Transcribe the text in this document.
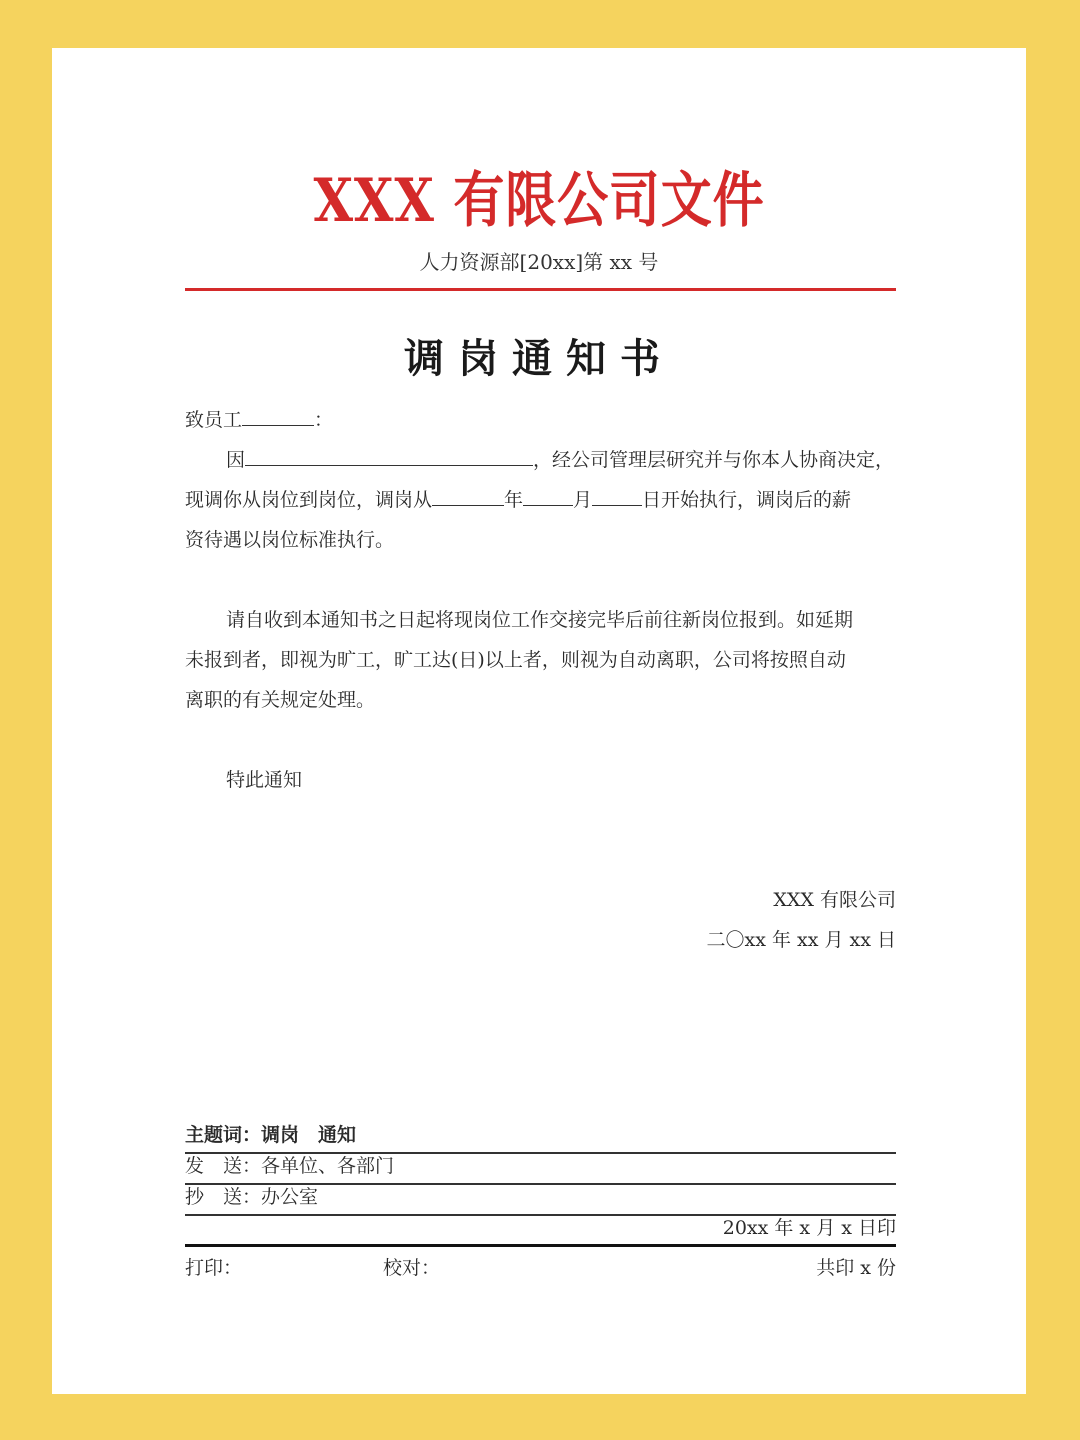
XXX 有限公司文件
人力资源部[20xx]第 xx 号
调岗通知书
致员工	：
因	，经公司管理层研究并与你本人协商决定，
现调你从岗位到岗位，调岗从	年	月	日开始执行，调岗后的薪
资待遇以岗位标准执行。
请自收到本通知书之日起将现岗位工作交接完毕后前往新岗位报到。如延期
未报到者，即视为旷工，旷工达(日)以上者，则视为自动离职，公司将按照自动
离职的有关规定处理。
特此通知
XXX 有限公司
二〇xx 年 xx 月 xx 日
主题词：调岗　通知
发　送：各单位、各部门
抄　送：办公室
20xx 年 x 月 x 日印
打印：	校对：	共印 x 份
